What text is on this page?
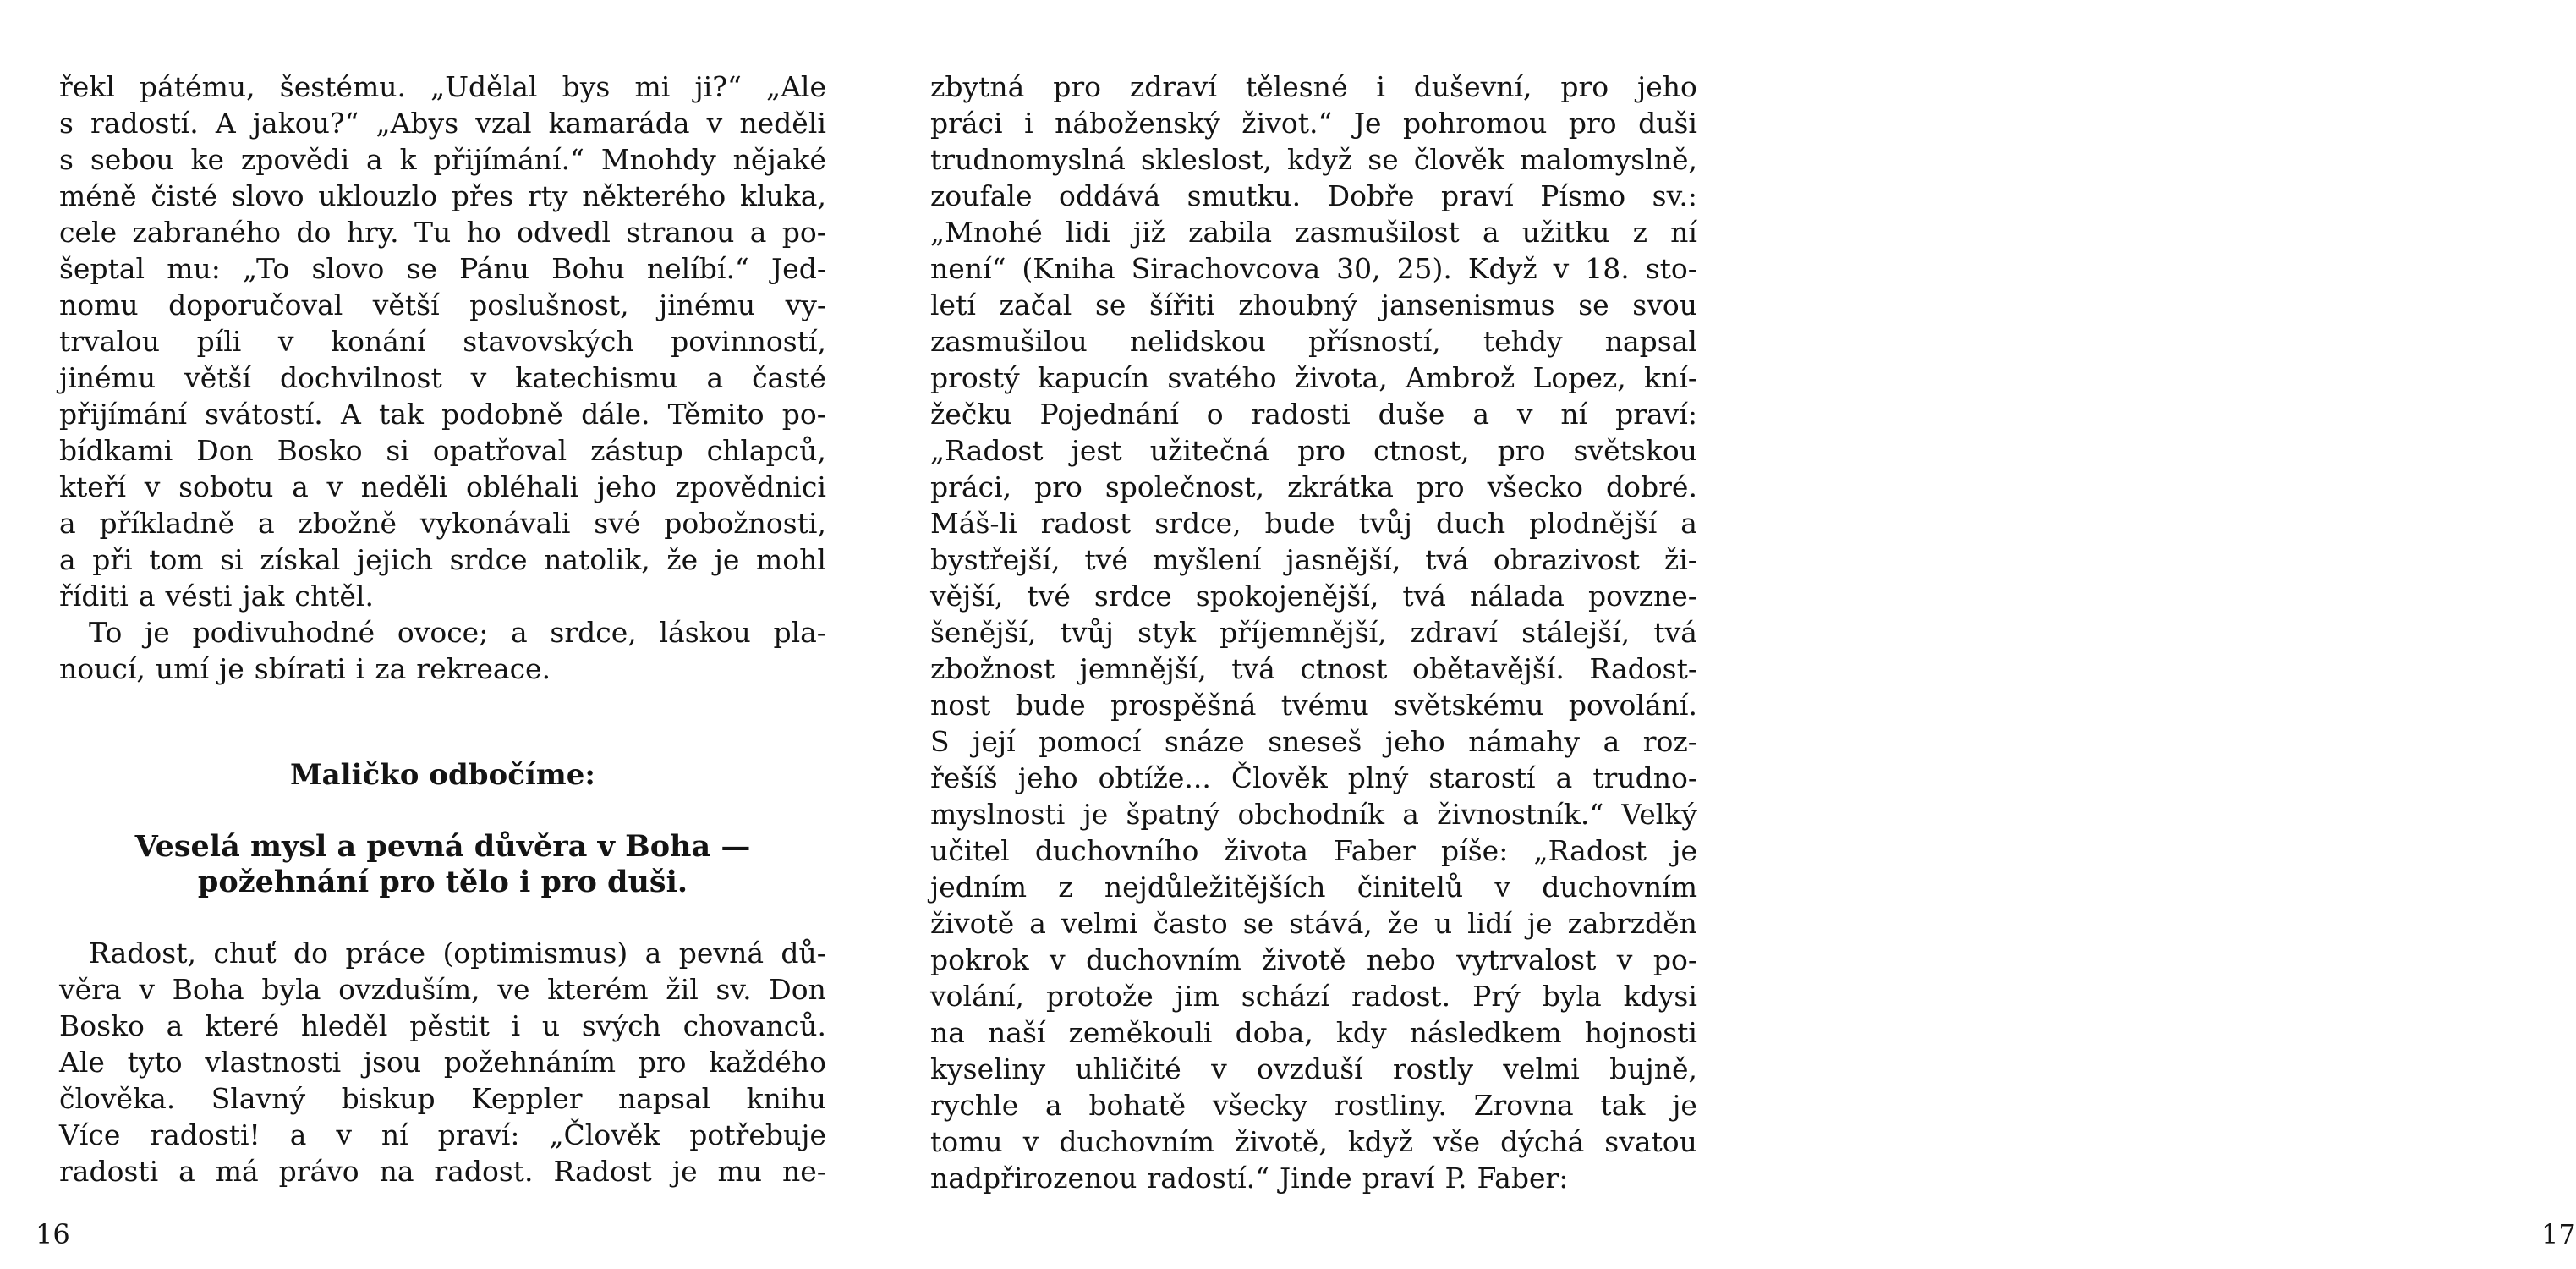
řekl pátému, šestému. „Udělal bys mi ji?“ „Ale
s radostí. A jakou?“ „Abys vzal kamaráda v neděli
s sebou ke zpovědi a k přijímání.“ Mnohdy nějaké
méně čisté slovo uklouzlo přes rty některého kluka,
cele zabraného do hry. Tu ho odvedl stranou a po-
šeptal mu: „To slovo se Pánu Bohu nelíbí.“ Jed-
nomu doporučoval větší poslušnost, jinému vy-
trvalou píli v konání stavovských povinností,
jinému větší dochvilnost v katechismu a časté
přijímání svátostí. A tak podobně dále. Těmito po-
bídkami Don Bosko si opatřoval zástup chlapců,
kteří v sobotu a v neděli obléhali jeho zpovědnici
a příkladně a zbožně vykonávali své pobožnosti,
a při tom si získal jejich srdce natolik, že je mohl
říditi a vésti jak chtěl.
To je podivuhodné ovoce; a srdce, láskou pla-
noucí, umí je sbírati i za rekreace.
Maličko odbočíme:
Veselá mysl a pevná důvěra v Boha —
požehnání pro tělo i pro duši.
Radost, chuť do práce (optimismus) a pevná dů-
věra v Boha byla ovzduším, ve kterém žil sv. Don
Bosko a které hleděl pěstit i u svých chovanců.
Ale tyto vlastnosti jsou požehnáním pro každého
člověka. Slavný biskup Keppler napsal knihu
Více radosti! a v ní praví: „Člověk potřebuje
radosti a má právo na radost. Radost je mu ne-
16
zbytná pro zdraví tělesné i duševní, pro jeho
práci i náboženský život.“ Je pohromou pro duši
trudnomyslná skleslost, když se člověk malomyslně,
zoufale oddává smutku. Dobře praví Písmo sv.:
„Mnohé lidi již zabila zasmušilost a užitku z ní
není“ (Kniha Sirachovcova 30, 25). Když v 18. sto-
letí začal se šířiti zhoubný jansenismus se svou
zasmušilou nelidskou přísností, tehdy napsal
prostý kapucín svatého života, Ambrož Lopez, kní-
žečku Pojednání o radosti duše a v ní praví:
„Radost jest užitečná pro ctnost, pro světskou
práci, pro společnost, zkrátka pro všecko dobré.
Máš-li radost srdce, bude tvůj duch plodnější a
bystřejší, tvé myšlení jasnější, tvá obrazivost ži-
vější, tvé srdce spokojenější, tvá nálada povzne-
šenější, tvůj styk příjemnější, zdraví stálejší, tvá
zbožnost jemnější, tvá ctnost obětavější. Radost-
nost bude prospěšná tvému světskému povolání.
S její pomocí snáze sneseš jeho námahy a roz-
řešíš jeho obtíže... Člověk plný starostí a trudno-
myslnosti je špatný obchodník a živnostník.“ Velký
učitel duchovního života Faber píše: „Radost je
jedním z nejdůležitějších činitelů v duchovním
životě a velmi často se stává, že u lidí je zabrzděn
pokrok v duchovním životě nebo vytrvalost v po-
volání, protože jim schází radost. Prý byla kdysi
na naší zeměkouli doba, kdy následkem hojnosti
kyseliny uhličité v ovzduší rostly velmi bujně,
rychle a bohatě všecky rostliny. Zrovna tak je
tomu v duchovním životě, když vše dýchá svatou
nadpřirozenou radostí.“ Jinde praví P. Faber:
17
